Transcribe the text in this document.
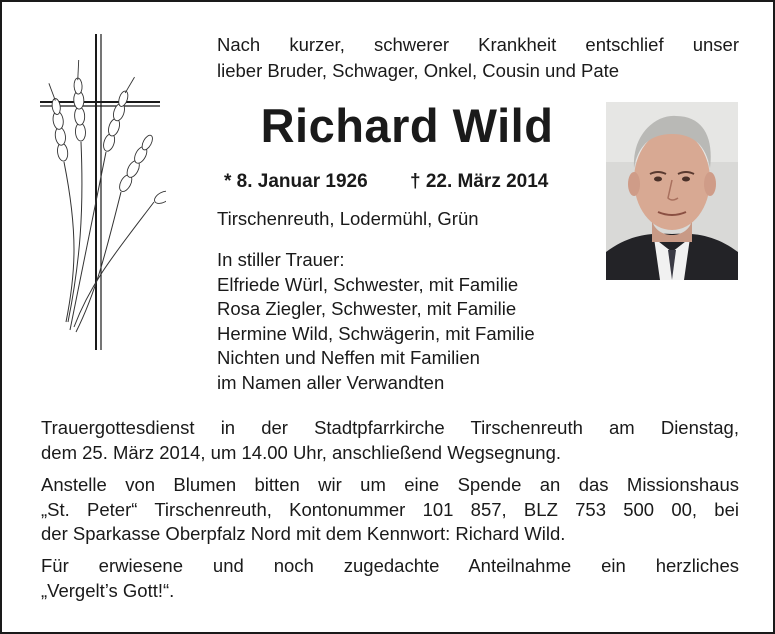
Nach kurzer, schwerer Krankheit entschlief unser
lieber Bruder, Schwager, Onkel, Cousin und Pate
Richard Wild
* 8. Januar 1926 † 22. März 2014
Tirschenreuth, Lodermühl, Grün
In stiller Trauer:
Elfriede Würl, Schwester, mit Familie
Rosa Ziegler, Schwester, mit Familie
Hermine Wild, Schwägerin, mit Familie
Nichten und Neffen mit Familien
im Namen aller Verwandten
Trauergottesdienst in der Stadtpfarrkirche Tirschenreuth am Dienstag,
dem 25. März 2014, um 14.00 Uhr, anschließend Wegsegnung.
Anstelle von Blumen bitten wir um eine Spende an das Missionshaus
„St. Peter“ Tirschenreuth, Kontonummer 101 857, BLZ 753 500 00, bei
der Sparkasse Oberpfalz Nord mit dem Kennwort: Richard Wild.
Für erwiesene und noch zugedachte Anteilnahme ein herzliches
„Vergelt’s Gott!“.
